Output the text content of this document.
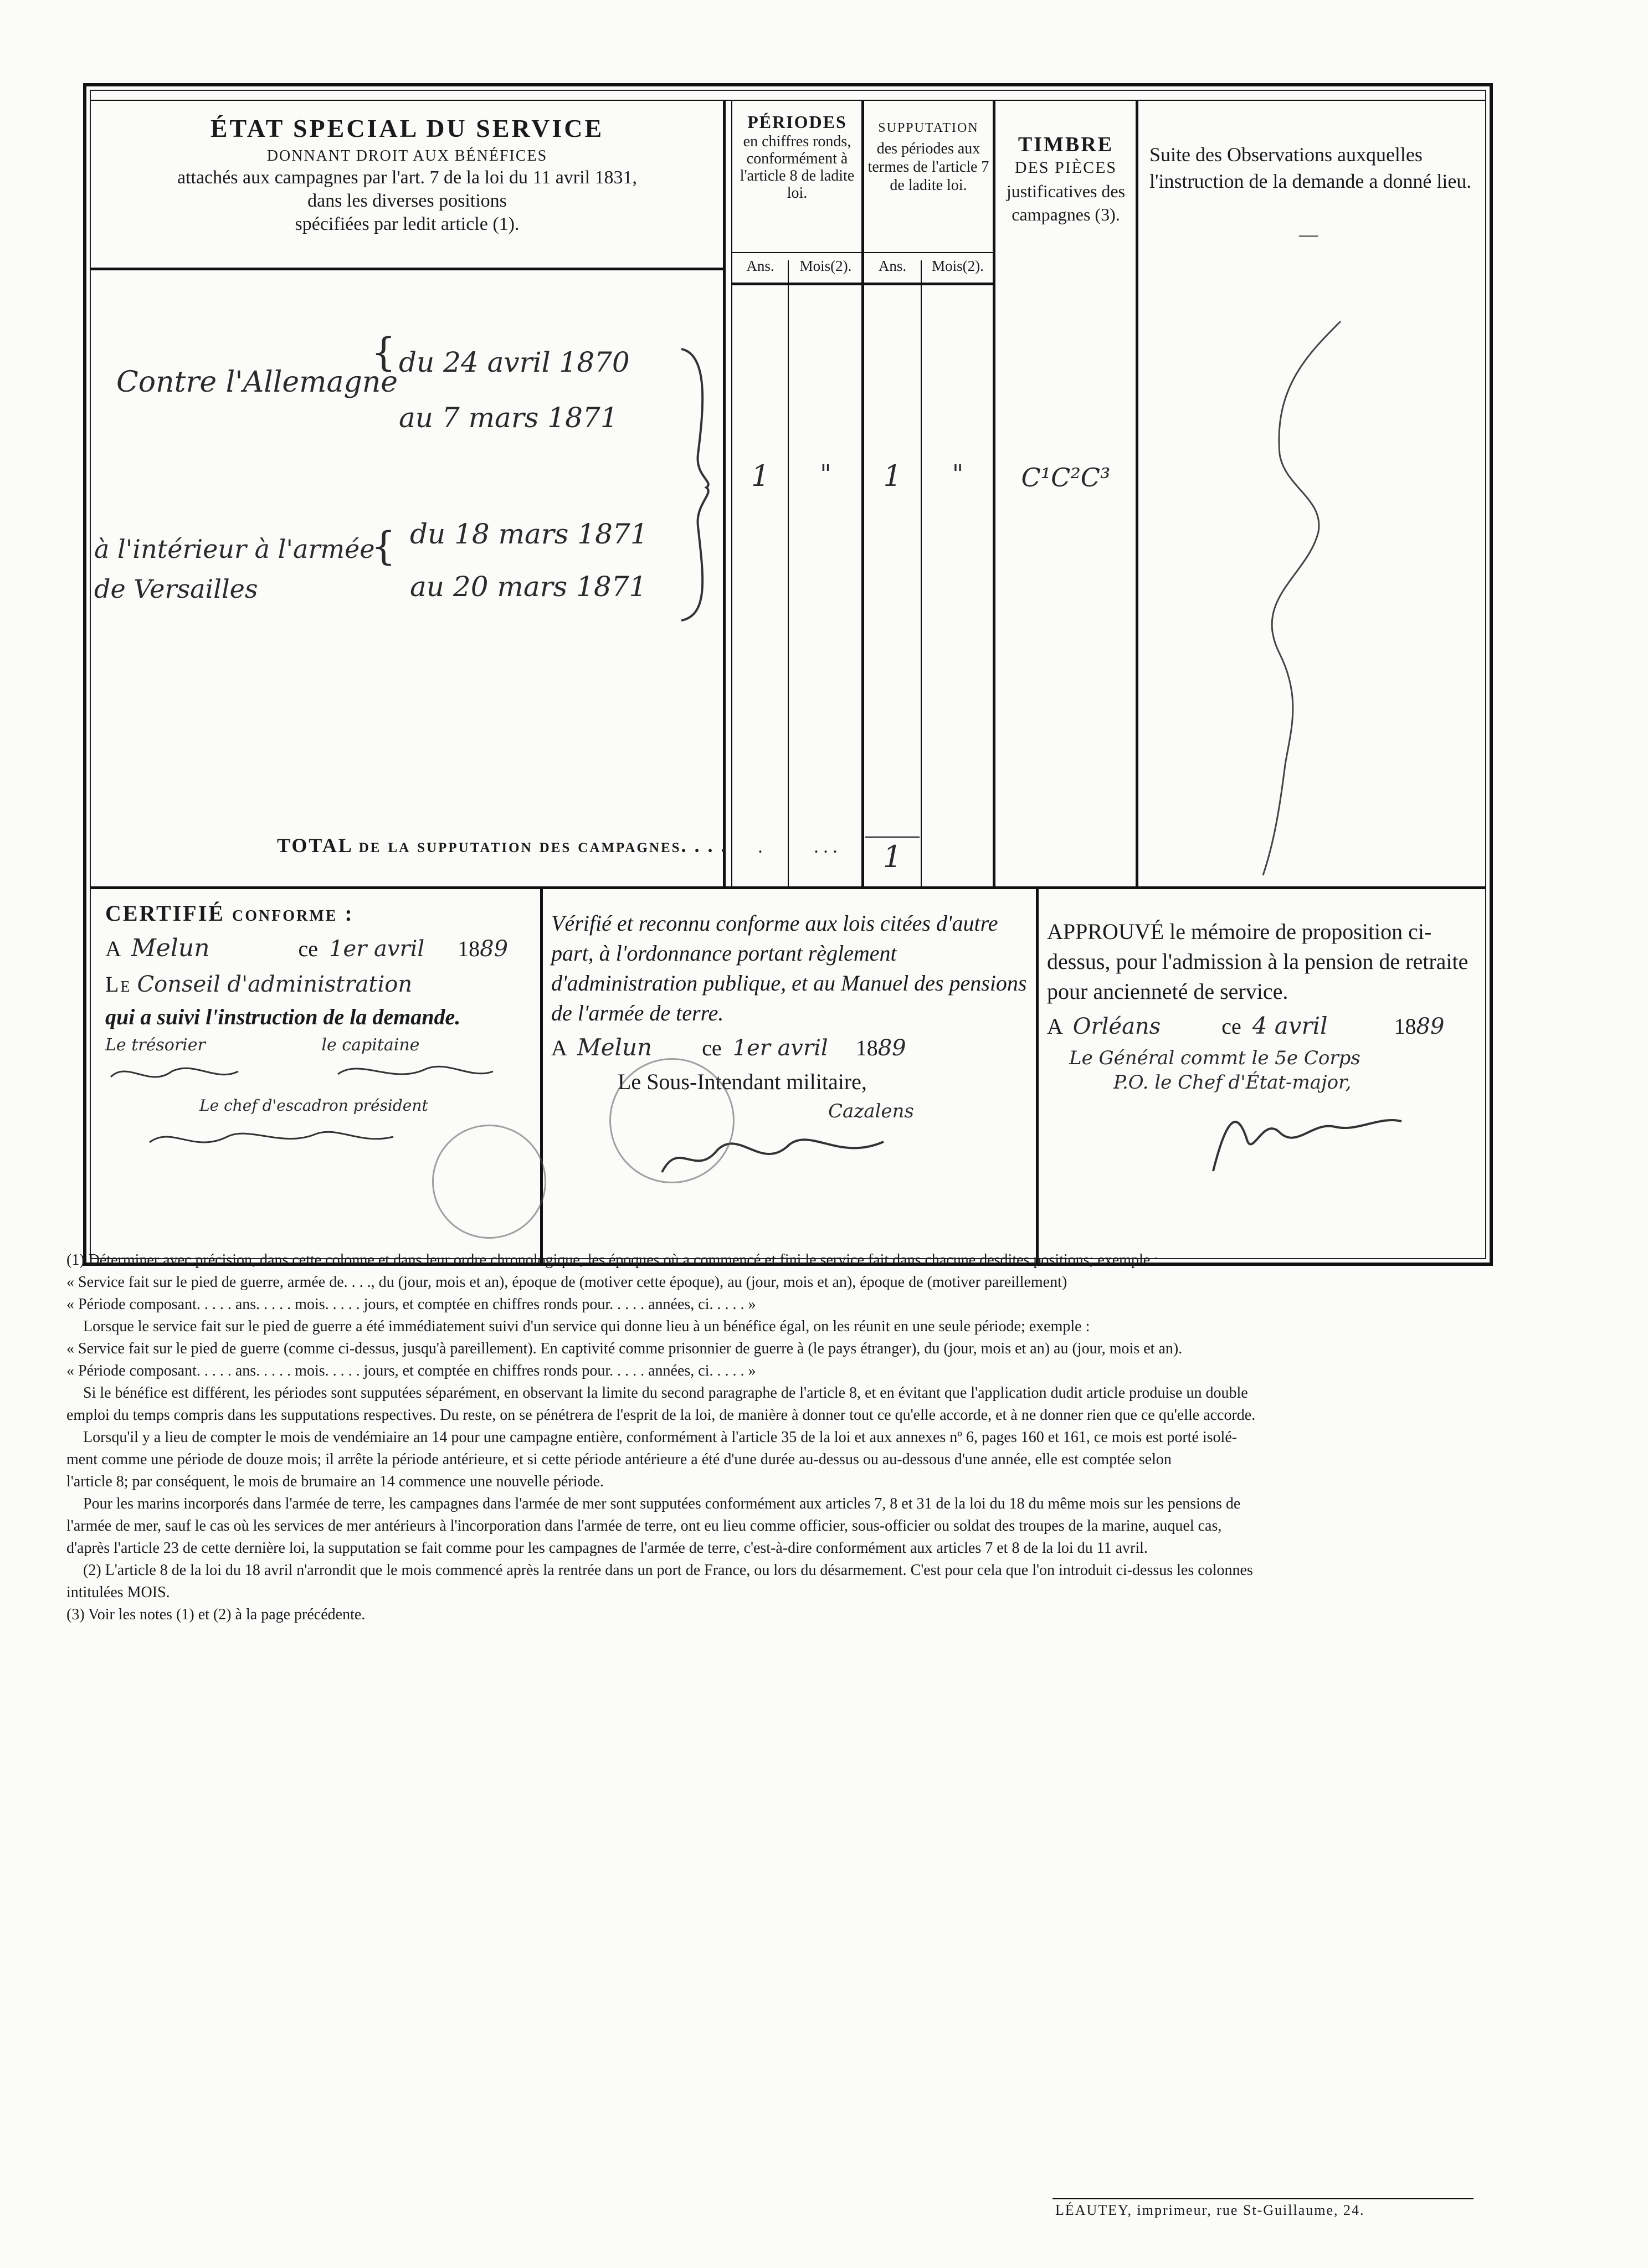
ÉTAT SPECIAL DU SERVICE
DONNANT DROIT AUX BÉNÉFICES
attachés aux campagnes par l'art. 7 de la loi du 11 avril 1831,
dans les diverses positions
spécifiées par ledit article (1).
PÉRIODES
en chiffres ronds, conformément à l'article 8 de ladite loi.
Ans.	Mois(2).
SUPPUTATION
des périodes aux termes de l'article 7 de ladite loi.
Ans.	Mois(2).
TIMBRE
DES PIÈCES
justificatives des campagnes (3).
Suite des Observations auxquelles l'instruction de la demande a donné lieu.
—
Contre l'Allemagne
{ du 24 avril 1870
au 7 mars 1871
à l'intérieur à l'armée de Versailles
{ du 18 mars 1871
au 20 mars 1871
1	"	1	"	C¹C²C³
TOTAL de la supputation des campagnes. . . .	.	. . .	1
CERTIFIÉ conforme :
A Melun	ce 1er avril 1889
Le Conseil d'administration
qui a suivi l'instruction de la demande.
Le trésorier	le capitaine
Le chef d'escadron président
Vérifié et reconnu conforme aux lois citées d'autre part, à l'ordonnance portant règlement d'administration publique, et au Manuel des pensions de l'armée de terre.
A Melun ce 1er avril 1889
Le Sous-Intendant militaire,
Cazalens
APPROUVÉ le mémoire de proposition ci-dessus, pour l'admission à la pension de retraite pour ancienneté de service.
A Orléans	ce 4 avril	1889
Le Général commt le 5e Corps
P.O. le Chef d'État-major,

(1) Déterminer avec précision, dans cette colonne et dans leur ordre chronologique, les époques où a commencé et fini le service fait dans chacune desdites positions; exemple :

« Service fait sur le pied de guerre, armée de. . . ., du (jour, mois et an), époque de (motiver cette époque), au (jour, mois et an), époque de (motiver pareillement)

« Période composant. . . . . ans. . . . . mois. . . . . jours, et comptée en chiffres ronds pour. . . . . années, ci. . . . . »

Lorsque le service fait sur le pied de guerre a été immédiatement suivi d'un service qui donne lieu à un bénéfice égal, on les réunit en une seule période; exemple :

« Service fait sur le pied de guerre (comme ci-dessus, jusqu'à pareillement). En captivité comme prisonnier de guerre à (le pays étranger), du (jour, mois et an) au (jour, mois et an).

« Période composant. . . . . ans. . . . . mois. . . . . jours, et comptée en chiffres ronds pour. . . . . années, ci. . . . . »

Si le bénéfice est différent, les périodes sont supputées séparément, en observant la limite du second paragraphe de l'article 8, et en évitant que l'application dudit article produise un double

emploi du temps compris dans les supputations respectives. Du reste, on se pénétrera de l'esprit de la loi, de manière à donner tout ce qu'elle accorde, et à ne donner rien que ce qu'elle accorde.

Lorsqu'il y a lieu de compter le mois de vendémiaire an 14 pour une campagne entière, conformément à l'article 35 de la loi et aux annexes nº 6, pages 160 et 161, ce mois est porté isolé-

ment comme une période de douze mois; il arrête la période antérieure, et si cette période antérieure a été d'une durée au-dessus ou au-dessous d'une année, elle est comptée selon

l'article 8; par conséquent, le mois de brumaire an 14 commence une nouvelle période.

Pour les marins incorporés dans l'armée de terre, les campagnes dans l'armée de mer sont supputées conformément aux articles 7, 8 et 31 de la loi du 18 du même mois sur les pensions de

l'armée de mer, sauf le cas où les services de mer antérieurs à l'incorporation dans l'armée de terre, ont eu lieu comme officier, sous-officier ou soldat des troupes de la marine, auquel cas,

d'après l'article 23 de cette dernière loi, la supputation se fait comme pour les campagnes de l'armée de terre, c'est-à-dire conformément aux articles 7 et 8 de la loi du 11 avril.

(2) L'article 8 de la loi du 18 avril n'arrondit que le mois commencé après la rentrée dans un port de France, ou lors du désarmement. C'est pour cela que l'on introduit ci-dessus les colonnes

intitulées MOIS.

(3) Voir les notes (1) et (2) à la page précédente.

LÉAUTEY, imprimeur, rue St-Guillaume, 24.
